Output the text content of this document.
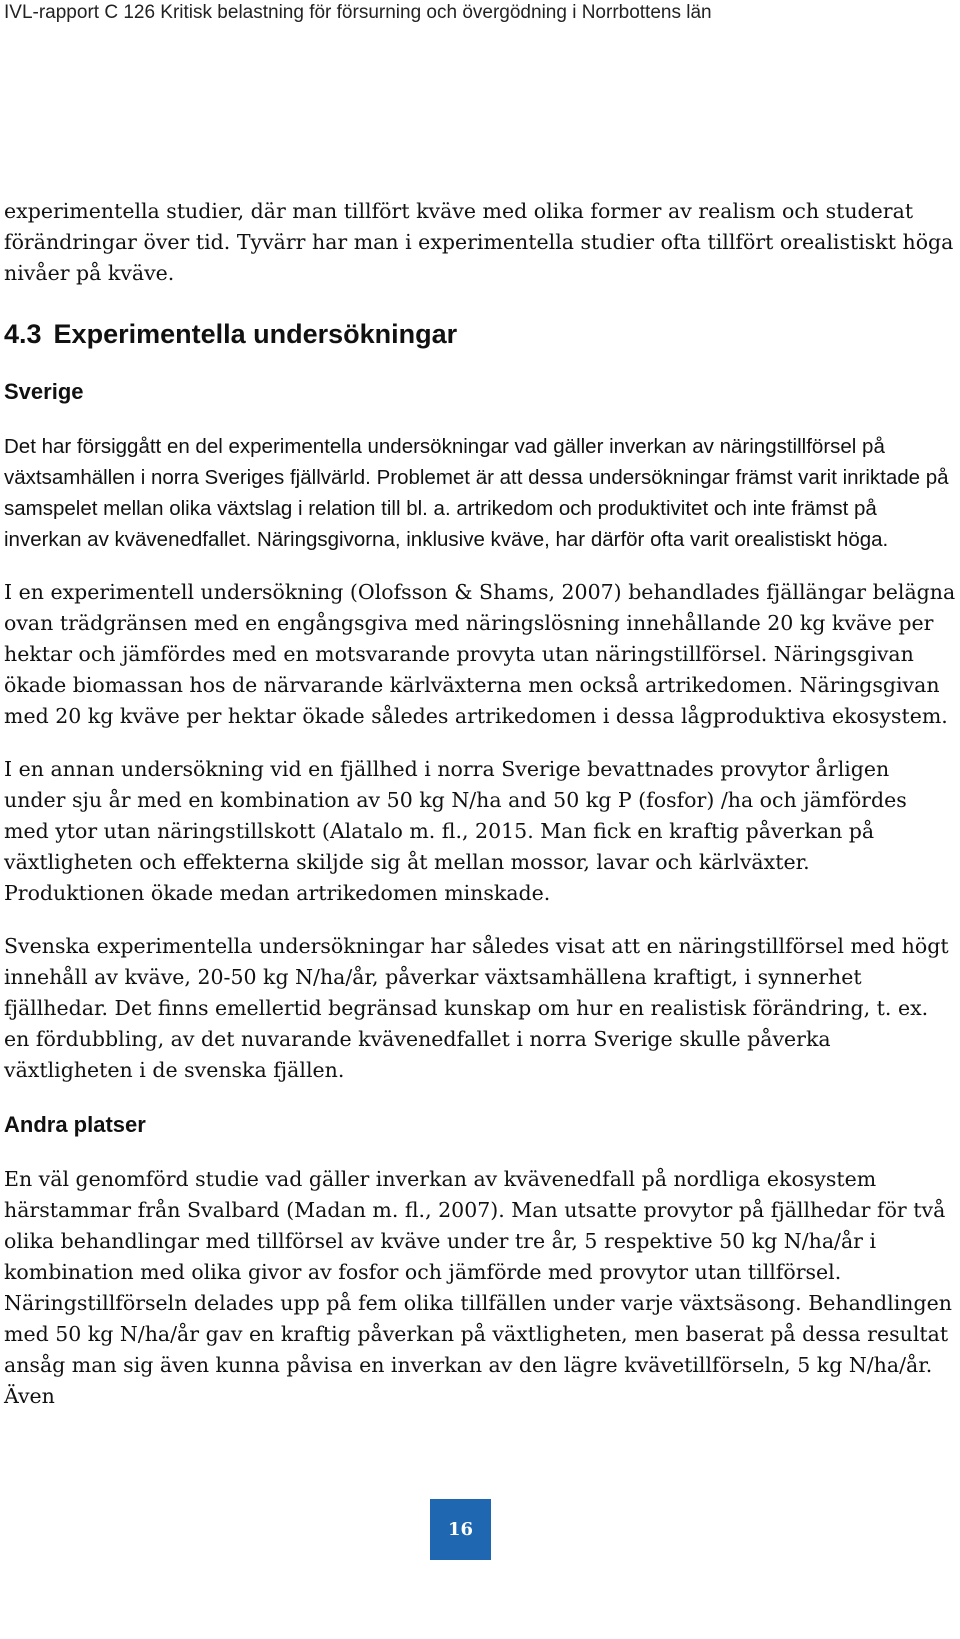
IVL-rapport C 126 Kritisk belastning för försurning och övergödning i Norrbottens län

experimentella studier, där man tillfört kväve med olika former av realism och studerat förändringar över tid. Tyvärr har man i experimentella studier ofta tillfört orealistiskt höga nivåer på kväve.

4.3 Experimentella undersökningar
Sverige

Det har försiggått en del experimentella undersökningar vad gäller inverkan av näringstillförsel på växtsamhällen i norra Sveriges fjällvärld. Problemet är att dessa undersökningar främst varit inriktade på samspelet mellan olika växtslag i relation till bl. a. artrikedom och produktivitet och inte främst på inverkan av kvävenedfallet. Näringsgivorna, inklusive kväve, har därför ofta varit orealistiskt höga.

I en experimentell undersökning (Olofsson & Shams, 2007) behandlades fjällängar belägna ovan trädgränsen med en engångsgiva med näringslösning innehållande 20 kg kväve per hektar och jämfördes med en motsvarande provyta utan näringstillförsel. Näringsgivan ökade biomassan hos de närvarande kärlväxterna men också artrikedomen. Näringsgivan med 20 kg kväve per hektar ökade således artrikedomen i dessa lågproduktiva ekosystem.

I en annan undersökning vid en fjällhed i norra Sverige bevattnades provytor årligen under sju år med en kombination av 50 kg N/ha and 50 kg P (fosfor) /ha och jämfördes med ytor utan näringstillskott (Alatalo m. fl., 2015. Man fick en kraftig påverkan på växtligheten och effekterna skiljde sig åt mellan mossor, lavar och kärlväxter. Produktionen ökade medan artrikedomen minskade.

Svenska experimentella undersökningar har således visat att en näringstillförsel med högt innehåll av kväve, 20-50 kg N/ha/år, påverkar växtsamhällena kraftigt, i synnerhet fjällhedar. Det finns emellertid begränsad kunskap om hur en realistisk förändring, t. ex. en fördubbling, av det nuvarande kvävenedfallet i norra Sverige skulle påverka växtligheten i de svenska fjällen.

Andra platser

En väl genomförd studie vad gäller inverkan av kvävenedfall på nordliga ekosystem härstammar från Svalbard (Madan m. fl., 2007). Man utsatte provytor på fjällhedar för två olika behandlingar med tillförsel av kväve under tre år, 5 respektive 50 kg N/ha/år i kombination med olika givor av fosfor och jämförde med provytor utan tillförsel. Näringstillförseln delades upp på fem olika tillfällen under varje växtsäsong. Behandlingen med 50 kg N/ha/år gav en kraftig påverkan på växtligheten, men baserat på dessa resultat ansåg man sig även kunna påvisa en inverkan av den lägre kvävetillförseln, 5 kg N/ha/år. Även

16
